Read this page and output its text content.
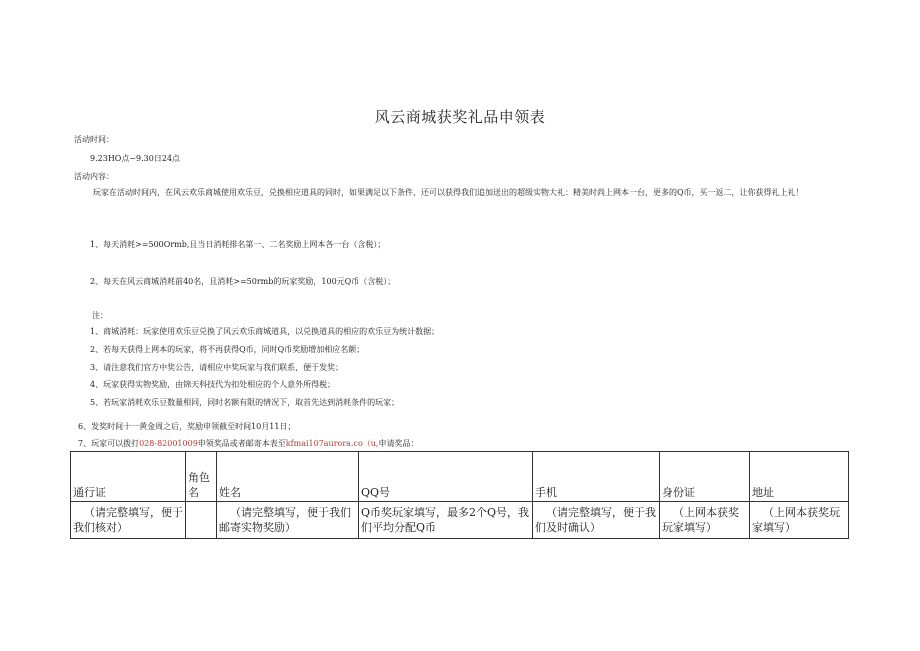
风云商城获奖礼品申领表
活动时间：
9.23HO点~9.30日24点
活动内容：
玩家在活动时间内，在风云欢乐商城使用欢乐豆，兑换相应道具的同时，如果满足以下条件，还可以获得我们追加送出的超级实物大礼：精美时尚上网本一台，更多的Q币，买一返二，让你获得礼上礼！
1、每天消耗>=500Ormb,且当日消耗排名第一、二名奖励上网本各一台（含税）；
2、每天在风云商城消耗前40名，且消耗>=50rmb的玩家奖励，100元Q币（含税）；
注：
1、商城消耗：玩家使用欢乐豆兑换了风云欢乐商城道具，以兑换道具的相应的欢乐豆为统计数据；
2、若每天获得上网本的玩家，将不再获得Q币，同时Q币奖励增加相应名额；
3、请注意我们官方中奖公告，请相应中奖玩家与我们联系，便于发奖；
4、玩家获得实物奖励，由锦天科技代为扣处相应的个人意外所得税；
5、若玩家消耗欢乐豆数量相同，同时名额有限的情况下，取首先达到消耗条件的玩家；
6、发奖时间十一黄金周之后，奖励申领截至时间10月11日；
7、玩家可以拨打028-82001009申领奖品或者邮寄本表至kfmai107aurora.co（u,申请奖品：
通行证	角色名	姓名	QQ号	手机	身份证	地址
（请完整填写，便于我们核对）		（请完整填写，便于我们邮寄实物奖励）	Q币奖玩家填写，最多2个Q号，我们平均分配Q币	（请完整填写，便于我们及时确认）	（上网本获奖玩家填写）	（上网本获奖玩家填写）
